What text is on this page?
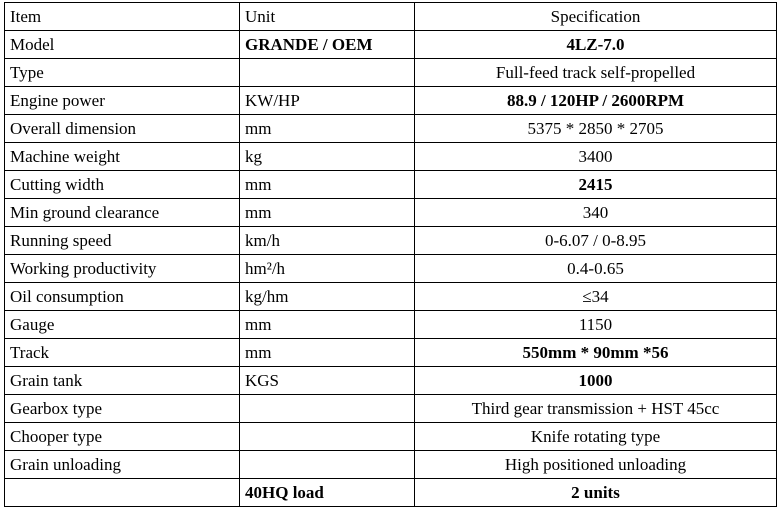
Item	Unit	Specification
Model	GRANDE / OEM	4LZ-7.0
Type		Full-feed track self-propelled
Engine power	KW/HP	88.9 / 120HP / 2600RPM
Overall dimension	mm	5375 * 2850 * 2705
Machine weight	kg	3400
Cutting width	mm	2415
Min ground clearance	mm	340
Running speed	km/h	0-6.07 / 0-8.95
Working productivity	hm²/h	0.4-0.65
Oil consumption	kg/hm	≤34
Gauge	mm	1150
Track	mm	550mm * 90mm *56
Grain tank	KGS	1000
Gearbox type		Third gear transmission + HST 45cc
Chooper type		Knife rotating type
Grain unloading		High positioned unloading
	40HQ load	2 units
